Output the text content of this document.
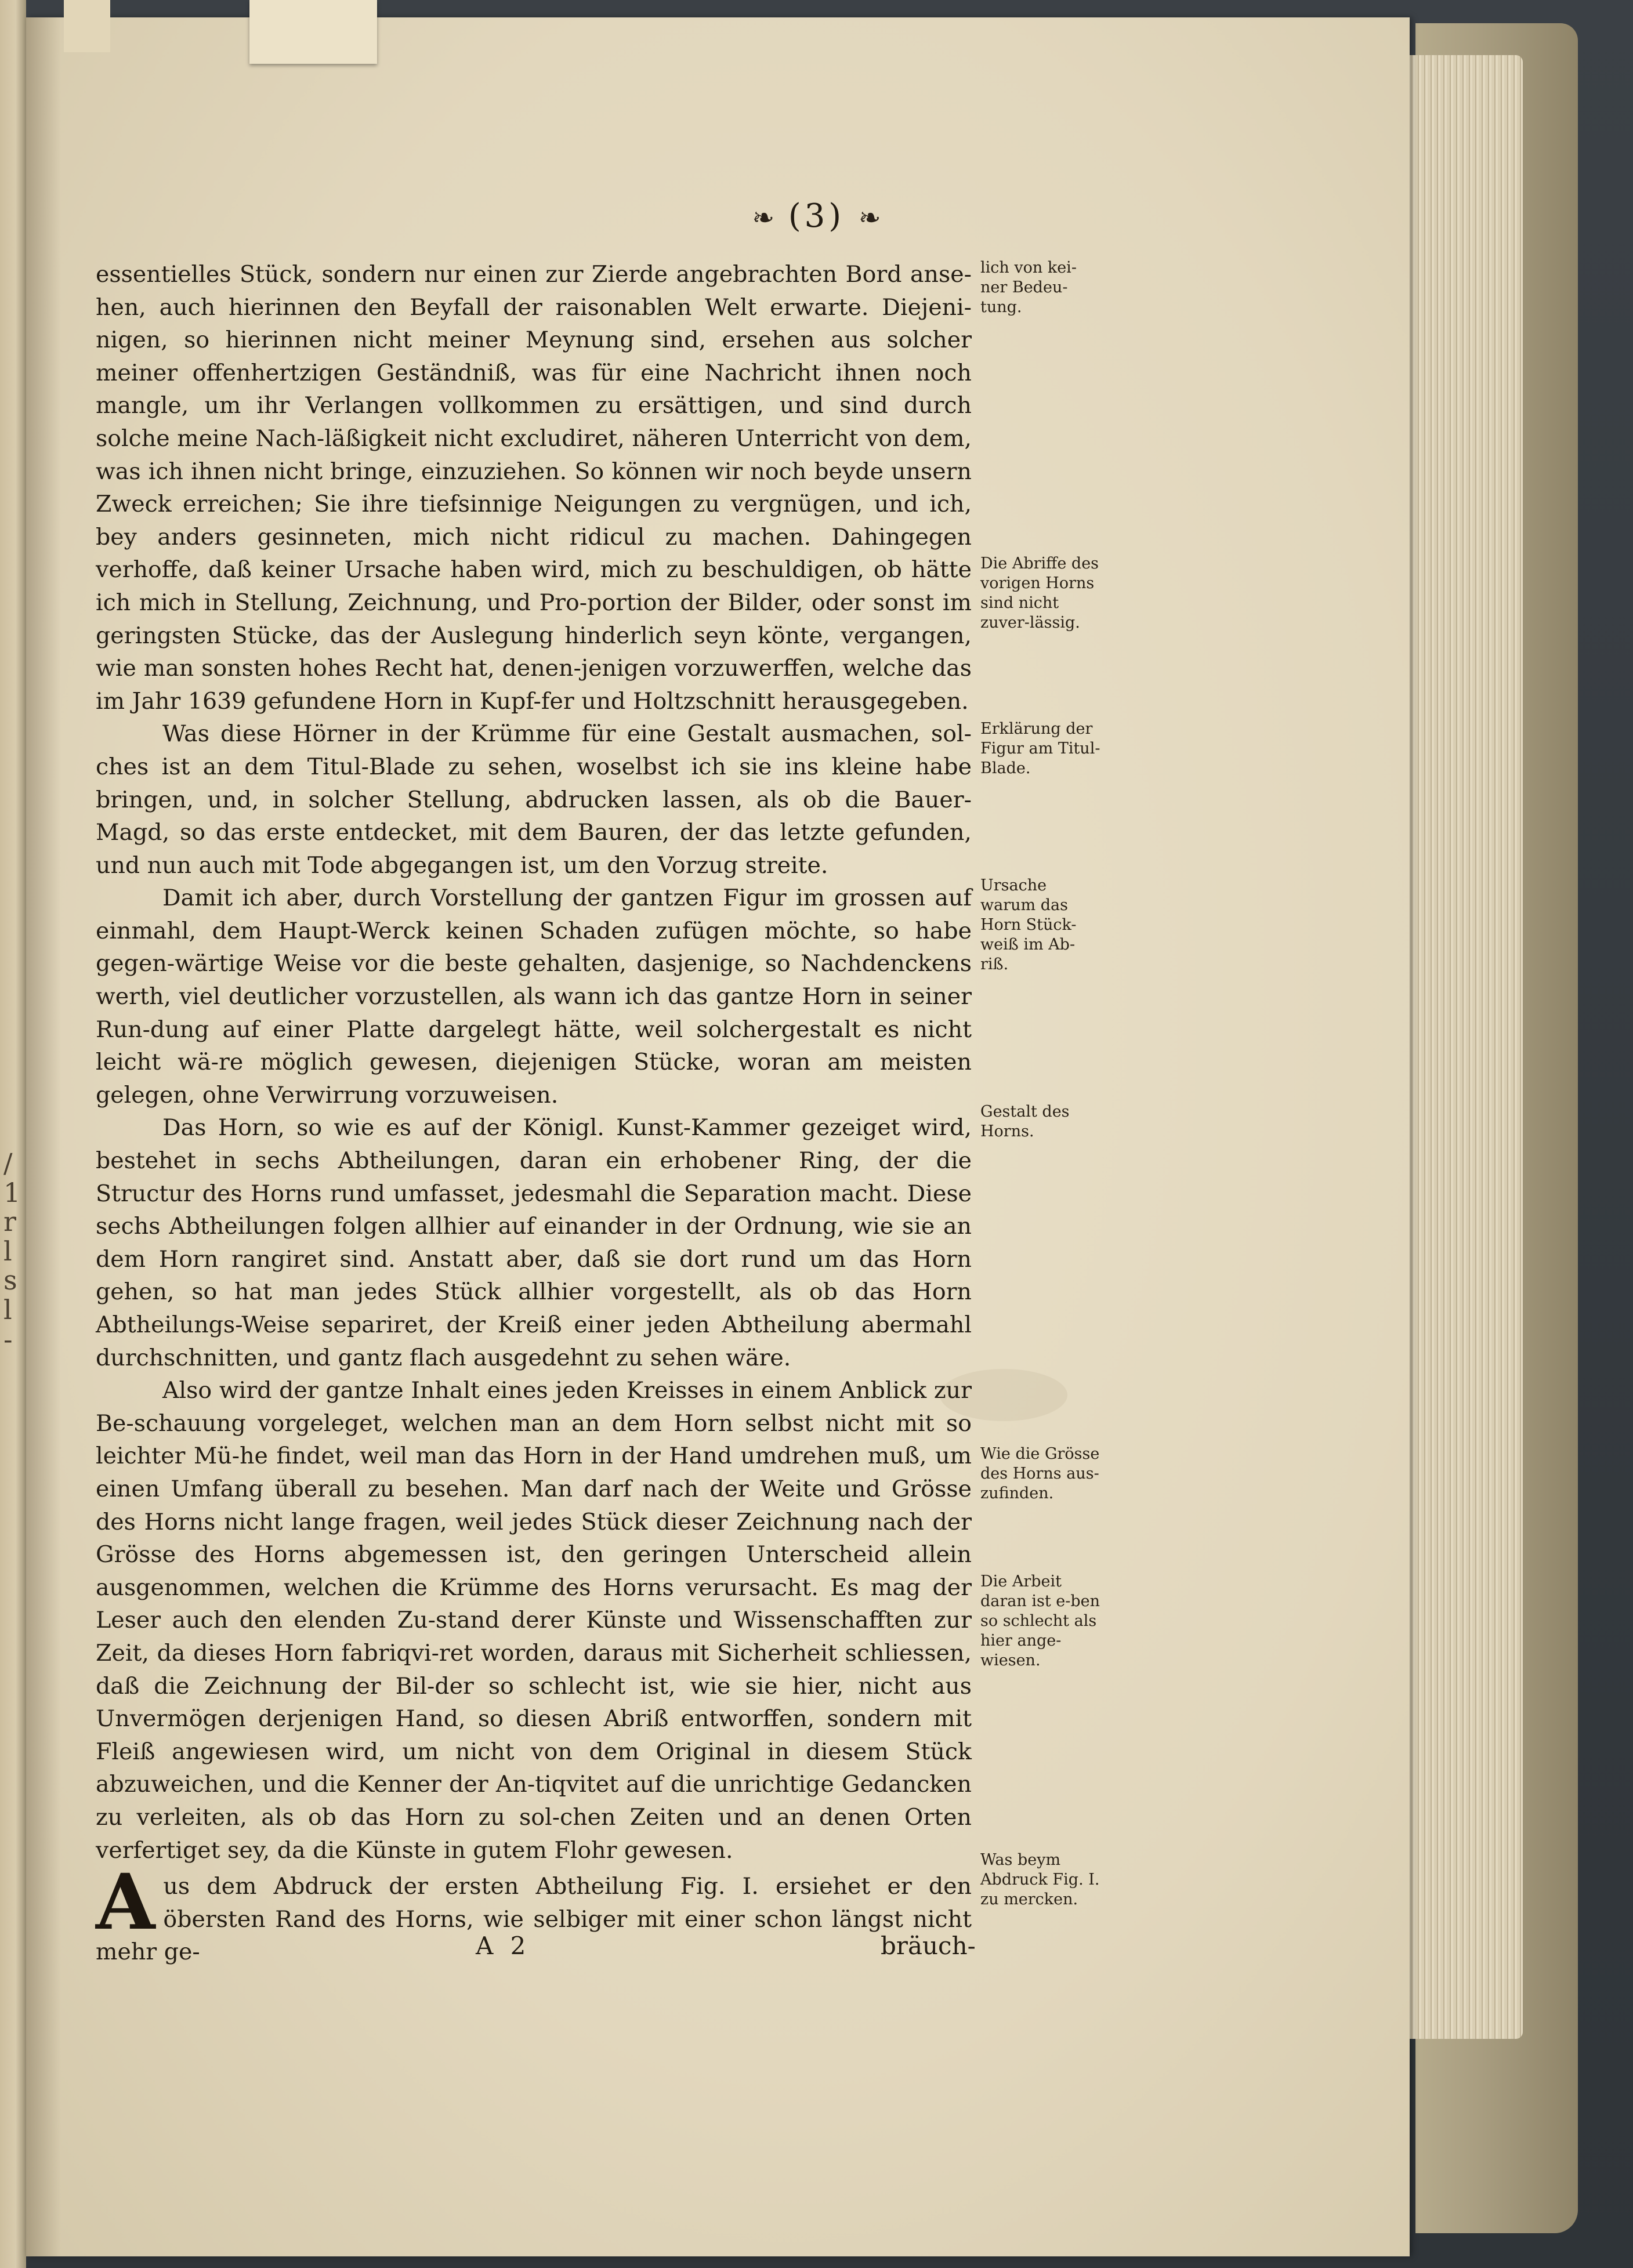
/
1
r
l
s
l
-
❧ (3) ❧

essentielles Stück, sondern nur einen zur Zierde angebrachten Bord anse-hen, auch hierinnen den Beyfall der raisonablen Welt erwarte. Diejeni-nigen, so hierinnen nicht meiner Meynung sind, ersehen aus solcher meiner offenhertzigen Geständniß, was für eine Nachricht ihnen noch mangle, um ihr Verlangen vollkommen zu ersättigen, und sind durch solche meine Nach-läßigkeit nicht excludiret, näheren Unterricht von dem, was ich ihnen nicht bringe, einzuziehen. So können wir noch beyde unsern Zweck erreichen; Sie ihre tiefsinnige Neigungen zu vergnügen, und ich, bey anders gesinneten, mich nicht ridicul zu machen. Dahingegen verhoffe, daß keiner Ursache haben wird, mich zu beschuldigen, ob hätte ich mich in Stellung, Zeichnung, und Pro-portion der Bilder, oder sonst im geringsten Stücke, das der Auslegung hinderlich seyn könte, vergangen, wie man sonsten hohes Recht hat, denen-jenigen vorzuwerffen, welche das im Jahr 1639 gefundene Horn in Kupf-fer und Holtzschnitt herausgegeben.

Was diese Hörner in der Krümme für eine Gestalt ausmachen, sol-ches ist an dem Titul-Blade zu sehen, woselbst ich sie ins kleine habe bringen, und, in solcher Stellung, abdrucken lassen, als ob die Bauer-Magd, so das erste entdecket, mit dem Bauren, der das letzte gefunden, und nun auch mit Tode abgegangen ist, um den Vorzug streite.

Damit ich aber, durch Vorstellung der gantzen Figur im grossen auf einmahl, dem Haupt-Werck keinen Schaden zufügen möchte, so habe gegen-wärtige Weise vor die beste gehalten, dasjenige, so Nachdenckens werth, viel deutlicher vorzustellen, als wann ich das gantze Horn in seiner Run-dung auf einer Platte dargelegt hätte, weil solchergestalt es nicht leicht wä-re möglich gewesen, diejenigen Stücke, woran am meisten gelegen, ohne Verwirrung vorzuweisen.

Das Horn, so wie es auf der Königl. Kunst-Kammer gezeiget wird, bestehet in sechs Abtheilungen, daran ein erhobener Ring, der die Structur des Horns rund umfasset, jedesmahl die Separation macht. Diese sechs Abtheilungen folgen allhier auf einander in der Ordnung, wie sie an dem Horn rangiret sind. Anstatt aber, daß sie dort rund um das Horn gehen, so hat man jedes Stück allhier vorgestellt, als ob das Horn Abtheilungs-Weise separiret, der Kreiß einer jeden Abtheilung abermahl durchschnitten, und gantz flach ausgedehnt zu sehen wäre.

Also wird der gantze Inhalt eines jeden Kreisses in einem Anblick zur Be-schauung vorgeleget, welchen man an dem Horn selbst nicht mit so leichter Mü-he findet, weil man das Horn in der Hand umdrehen muß, um einen Umfang überall zu besehen. Man darf nach der Weite und Grösse des Horns nicht lange fragen, weil jedes Stück dieser Zeichnung nach der Grösse des Horns abgemessen ist, den geringen Unterscheid allein ausgenommen, welchen die Krümme des Horns verursacht. Es mag der Leser auch den elenden Zu-stand derer Künste und Wissenschafften zur Zeit, da dieses Horn fabriqvi-ret worden, daraus mit Sicherheit schliessen, daß die Zeichnung der Bil-der so schlecht ist, wie sie hier, nicht aus Unvermögen derjenigen Hand, so diesen Abriß entworffen, sondern mit Fleiß angewiesen wird, um nicht von dem Original in diesem Stück abzuweichen, und die Kenner der An-tiqvitet auf die unrichtige Gedancken zu verleiten, als ob das Horn zu sol-chen Zeiten und an denen Orten verfertiget sey, da die Künste in gutem Flohr gewesen.

A us dem Abdruck der ersten Abtheilung Fig. I. ersiehet er den öbersten Rand des Horns, wie selbiger mit einer schon längst nicht mehr ge-

lich von kei-ner Bedeu-tung.
Die Abriffe des vorigen Horns sind nicht zuver-lässig.
Erklärung der Figur am Titul-Blade.
Ursache warum das Horn Stück-weiß im Ab-riß.
Gestalt des Horns.
Wie die Grösse des Horns aus-zufinden.
Die Arbeit daran ist e-ben so schlecht als hier ange-wiesen.
Was beym Abdruck Fig. I. zu mercken.
A 2	bräuch-
